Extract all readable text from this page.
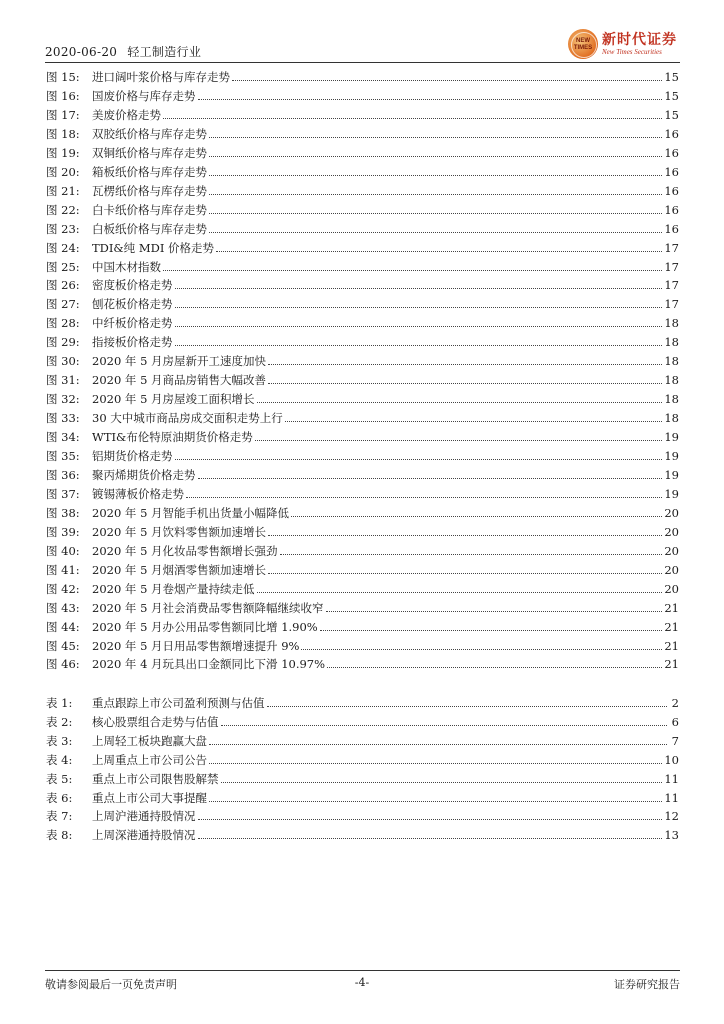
2020-06-20 轻工制造行业
NEW
TIMES 新时代证券
New Times Securities
图 15:	进口阔叶浆价格与库存走势	15
图 16:	国废价格与库存走势	15
图 17:	美废价格走势	15
图 18:	双胶纸价格与库存走势	16
图 19:	双铜纸价格与库存走势	16
图 20:	箱板纸价格与库存走势	16
图 21:	瓦楞纸价格与库存走势	16
图 22:	白卡纸价格与库存走势	16
图 23:	白板纸价格与库存走势	16
图 24:	TDI&纯 MDI 价格走势	17
图 25:	中国木材指数	17
图 26:	密度板价格走势	17
图 27:	刨花板价格走势	17
图 28:	中纤板价格走势	18
图 29:	指接板价格走势	18
图 30:	2020 年 5 月房屋新开工速度加快	18
图 31:	2020 年 5 月商品房销售大幅改善	18
图 32:	2020 年 5 月房屋竣工面积增长	18
图 33:	30 大中城市商品房成交面积走势上行	18
图 34:	WTI&布伦特原油期货价格走势	19
图 35:	铝期货价格走势	19
图 36:	聚丙烯期货价格走势	19
图 37:	镀锡薄板价格走势	19
图 38:	2020 年 5 月智能手机出货量小幅降低	20
图 39:	2020 年 5 月饮料零售额加速增长	20
图 40:	2020 年 5 月化妆品零售额增长强劲	20
图 41:	2020 年 5 月烟酒零售额加速增长	20
图 42:	2020 年 5 月卷烟产量持续走低	20
图 43:	2020 年 5 月社会消费品零售额降幅继续收窄	21
图 44:	2020 年 5 月办公用品零售额同比增 1.90%	21
图 45:	2020 年 5 月日用品零售额增速提升 9%	21
图 46:	2020 年 4 月玩具出口金额同比下滑 10.97%	21
表 1:	重点跟踪上市公司盈利预测与估值	2
表 2:	核心股票组合走势与估值	6
表 3:	上周轻工板块跑赢大盘	7
表 4:	上周重点上市公司公告	10
表 5:	重点上市公司限售股解禁	11
表 6:	重点上市公司大事提醒	11
表 7:	上周沪港通持股情况	12
表 8:	上周深港通持股情况	13
敬请参阅最后一页免责声明	-4-	证券研究报告
